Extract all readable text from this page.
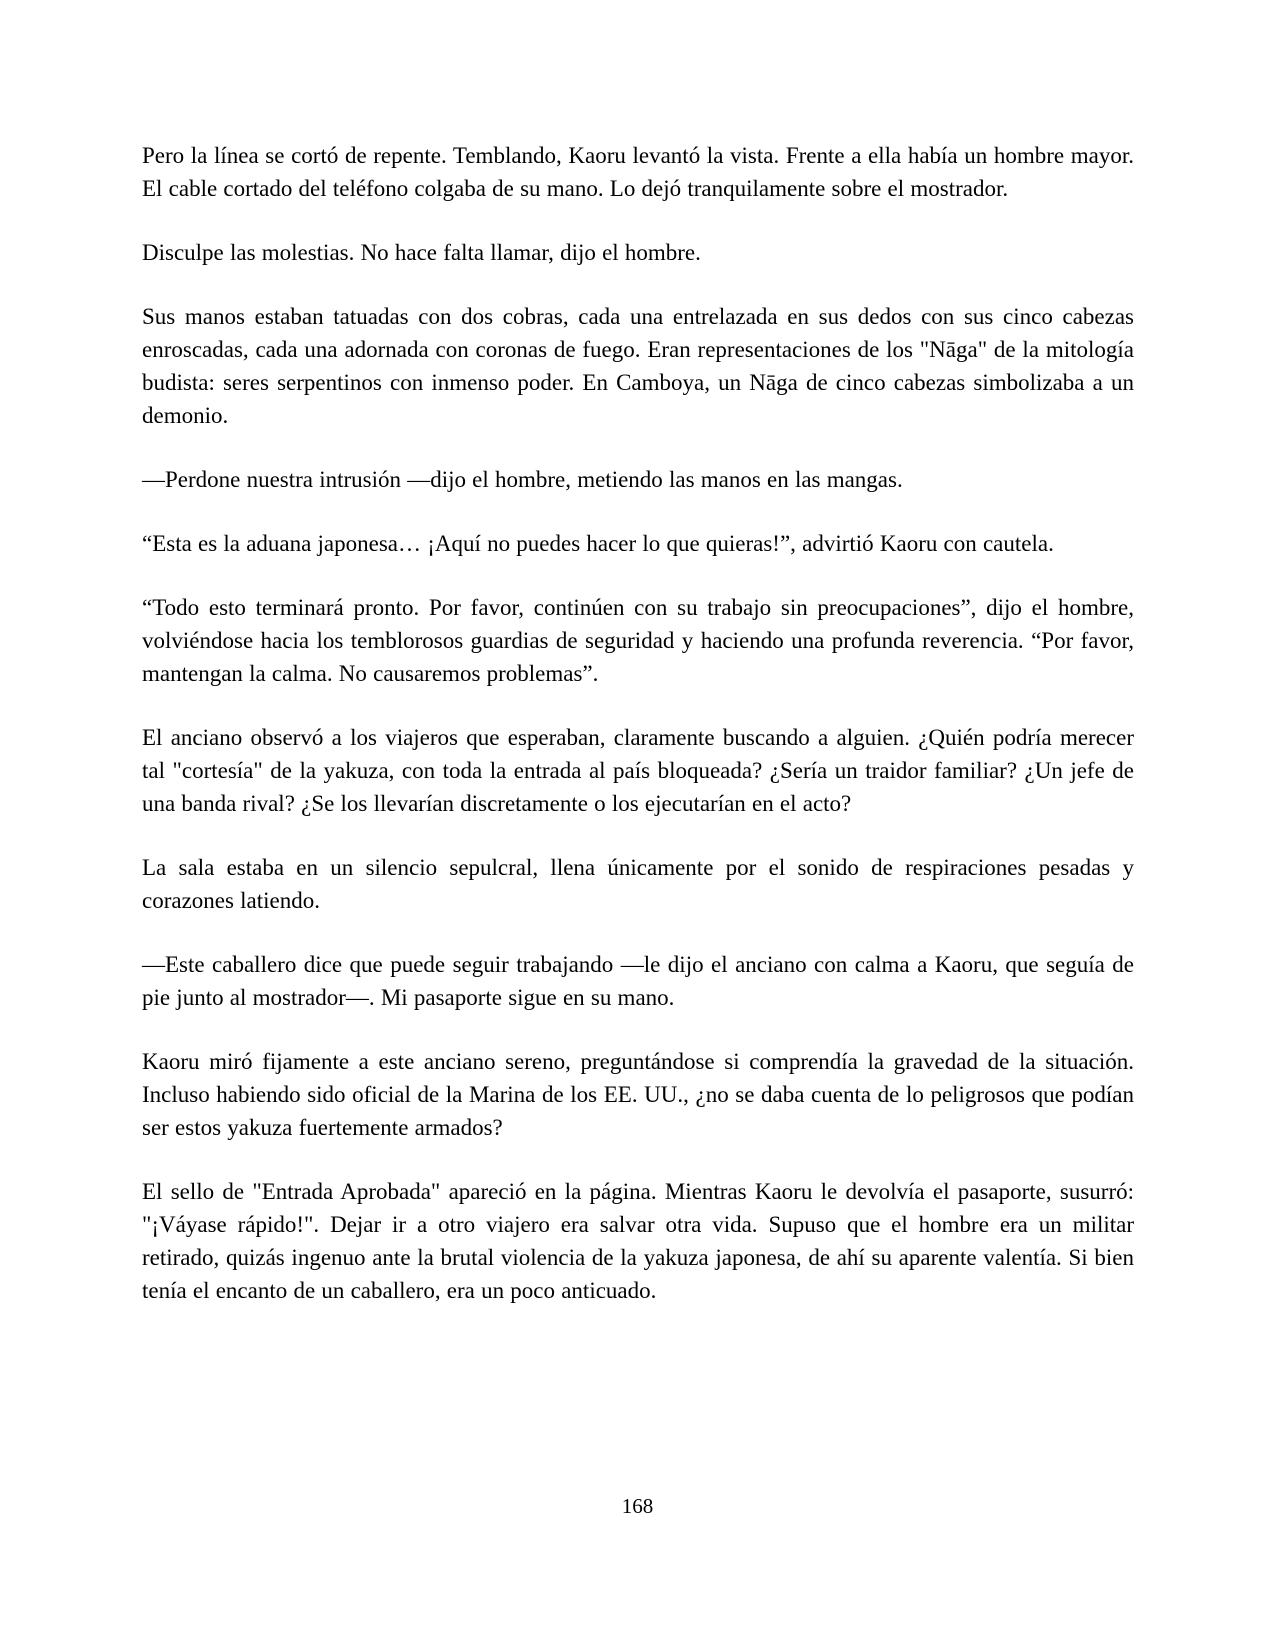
Pero la línea se cortó de repente. Temblando, Kaoru levantó la vista. Frente a ella había un hombre mayor. El cable cortado del teléfono colgaba de su mano. Lo dejó tranquilamente sobre el mostrador.

Disculpe las molestias. No hace falta llamar, dijo el hombre.

Sus manos estaban tatuadas con dos cobras, cada una entrelazada en sus dedos con sus cinco cabezas enroscadas, cada una adornada con coronas de fuego. Eran representaciones de los "Nāga" de la mitología budista: seres serpentinos con inmenso poder. En Camboya, un Nāga de cinco cabezas simbolizaba a un demonio.

—Perdone nuestra intrusión —dijo el hombre, metiendo las manos en las mangas.

“Esta es la aduana japonesa… ¡Aquí no puedes hacer lo que quieras!”, advirtió Kaoru con cautela.

“Todo esto terminará pronto. Por favor, continúen con su trabajo sin preocupaciones”, dijo el hombre, volviéndose hacia los temblorosos guardias de seguridad y haciendo una profunda reverencia. “Por favor, mantengan la calma. No causaremos problemas”.

El anciano observó a los viajeros que esperaban, claramente buscando a alguien. ¿Quién podría merecer tal "cortesía" de la yakuza, con toda la entrada al país bloqueada? ¿Sería un traidor familiar? ¿Un jefe de una banda rival? ¿Se los llevarían discretamente o los ejecutarían en el acto?

La sala estaba en un silencio sepulcral, llena únicamente por el sonido de respiraciones pesadas y corazones latiendo.

—Este caballero dice que puede seguir trabajando —le dijo el anciano con calma a Kaoru, que seguía de pie junto al mostrador—. Mi pasaporte sigue en su mano.

Kaoru miró fijamente a este anciano sereno, preguntándose si comprendía la gravedad de la situación. Incluso habiendo sido oficial de la Marina de los EE. UU., ¿no se daba cuenta de lo peligrosos que podían ser estos yakuza fuertemente armados?

El sello de "Entrada Aprobada" apareció en la página. Mientras Kaoru le devolvía el pasaporte, susurró: "¡Váyase rápido!". Dejar ir a otro viajero era salvar otra vida. Supuso que el hombre era un militar retirado, quizás ingenuo ante la brutal violencia de la yakuza japonesa, de ahí su aparente valentía. Si bien tenía el encanto de un caballero, era un poco anticuado.

168
